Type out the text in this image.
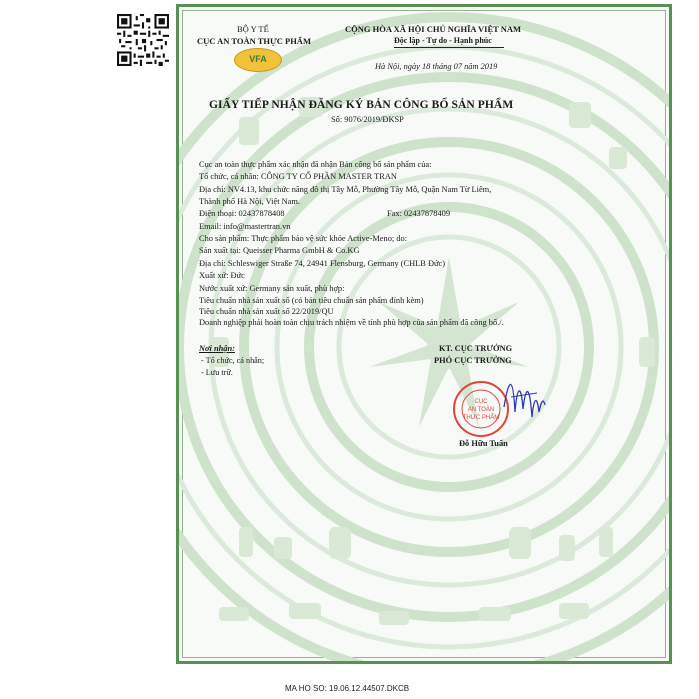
BỘ Y TẾ
CỤC AN TOÀN THỰC PHẨM
VFA
CỘNG HÒA XÃ HỘI CHỦ NGHĨA VIỆT NAM
Độc lập - Tự do - Hạnh phúc
Hà Nội, ngày 18 tháng 07 năm 2019
GIẤY TIẾP NHẬN ĐĂNG KÝ BẢN CÔNG BỐ SẢN PHẨM
Số: 9076/2019/ĐKSP
Cục an toàn thực phẩm xác nhận đã nhận Bản công bố sản phẩm của:
Tổ chức, cá nhân: CÔNG TY CỔ PHẦN MASTER TRAN
Địa chỉ: NV4.13, khu chức năng đô thị Tây Mỗ, Phường Tây Mỗ, Quận Nam Từ Liêm,
Thành phố Hà Nội, Việt Nam.
Điện thoại: 02437878408	Fax: 02437878409
Email: info@mastertran.vn
Cho sản phẩm: Thực phẩm bảo vệ sức khỏe Active-Meno; do:
Sản xuất tại: Queisser Pharma GmbH & Co.KG
Địa chỉ: Schleswiger Straße 74, 24941 Flensburg, Germany (CHLB Đức)
Xuất xứ: Đức
Nước xuất xứ: Germany sản xuất, phù hợp:
Tiêu chuẩn nhà sản xuất số (có bản tiêu chuẩn sản phẩm đính kèm)
Tiêu chuẩn nhà sản xuất số 22/2019/QU
Doanh nghiệp phải hoàn toàn chịu trách nhiệm về tính phù hợp của sản phẩm đã công bố./.
Nơi nhận:
- Tổ chức, cá nhân;
- Lưu trữ.
KT. CỤC TRƯỞNG
PHÓ CỤC TRƯỞNG
CỤC
AN TOÀN
THỰC PHẨM
Đỗ Hữu Tuấn
MA HO SO: 19.06.12.44507.DKCB
